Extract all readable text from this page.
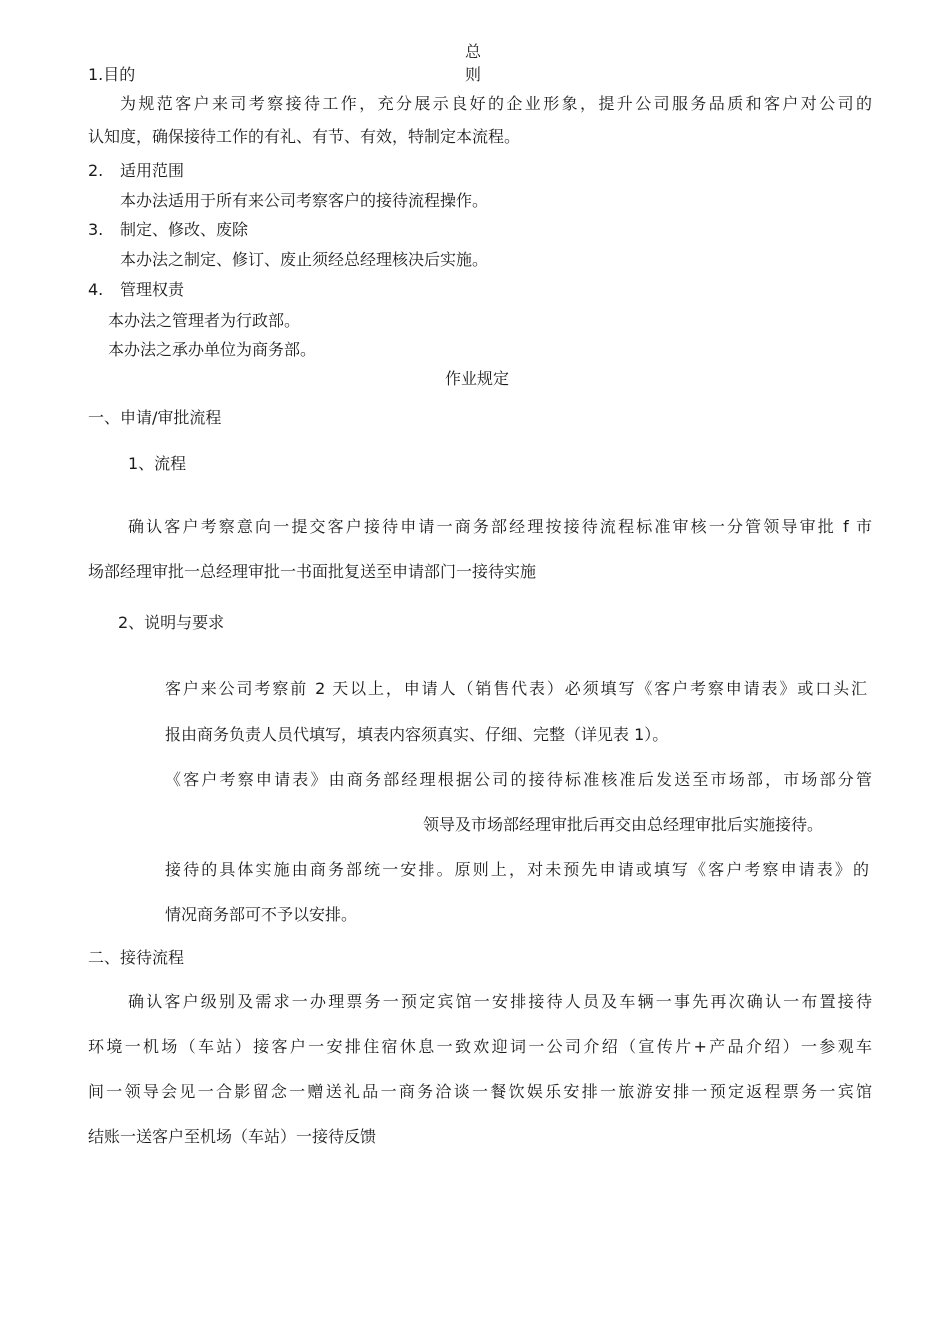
总
则
1.目的
为规范客户来司考察接待工作，充分展示良好的企业形象，提升公司服务品质和客户对公司的
认知度，确保接待工作的有礼、有节、有效，特制定本流程。
2. 适用范围
本办法适用于所有来公司考察客户的接待流程操作。
3. 制定、修改、废除
本办法之制定、修订、废止须经总经理核决后实施。
4. 管理权责
本办法之管理者为行政部。
本办法之承办单位为商务部。
作业规定
一、申请/审批流程
1、流程
确认客户考察意向一提交客户接待申请一商务部经理按接待流程标准审核一分管领导审批 f 市
场部经理审批一总经理审批一书面批复送至申请部门一接待实施
2、说明与要求
客户来公司考察前 2 天以上，申请人（销售代表）必须填写《客户考察申请表》或口头汇
报由商务负责人员代填写，填表内容须真实、仔细、完整（详见表 1）。
《客户考察申请表》由商务部经理根据公司的接待标准核准后发送至市场部，市场部分管
领导及市场部经理审批后再交由总经理审批后实施接待。
接待的具体实施由商务部统一安排。原则上，对未预先申请或填写《客户考察申请表》的
情况商务部可不予以安排。
二、接待流程
确认客户级别及需求一办理票务一预定宾馆一安排接待人员及车辆一事先再次确认一布置接待
环境一机场（车站）接客户一安排住宿休息一致欢迎词一公司介绍（宣传片+产品介绍）一参观车
间一领导会见一合影留念一赠送礼品一商务洽谈一餐饮娱乐安排一旅游安排一预定返程票务一宾馆
结账一送客户至机场（车站）一接待反馈
